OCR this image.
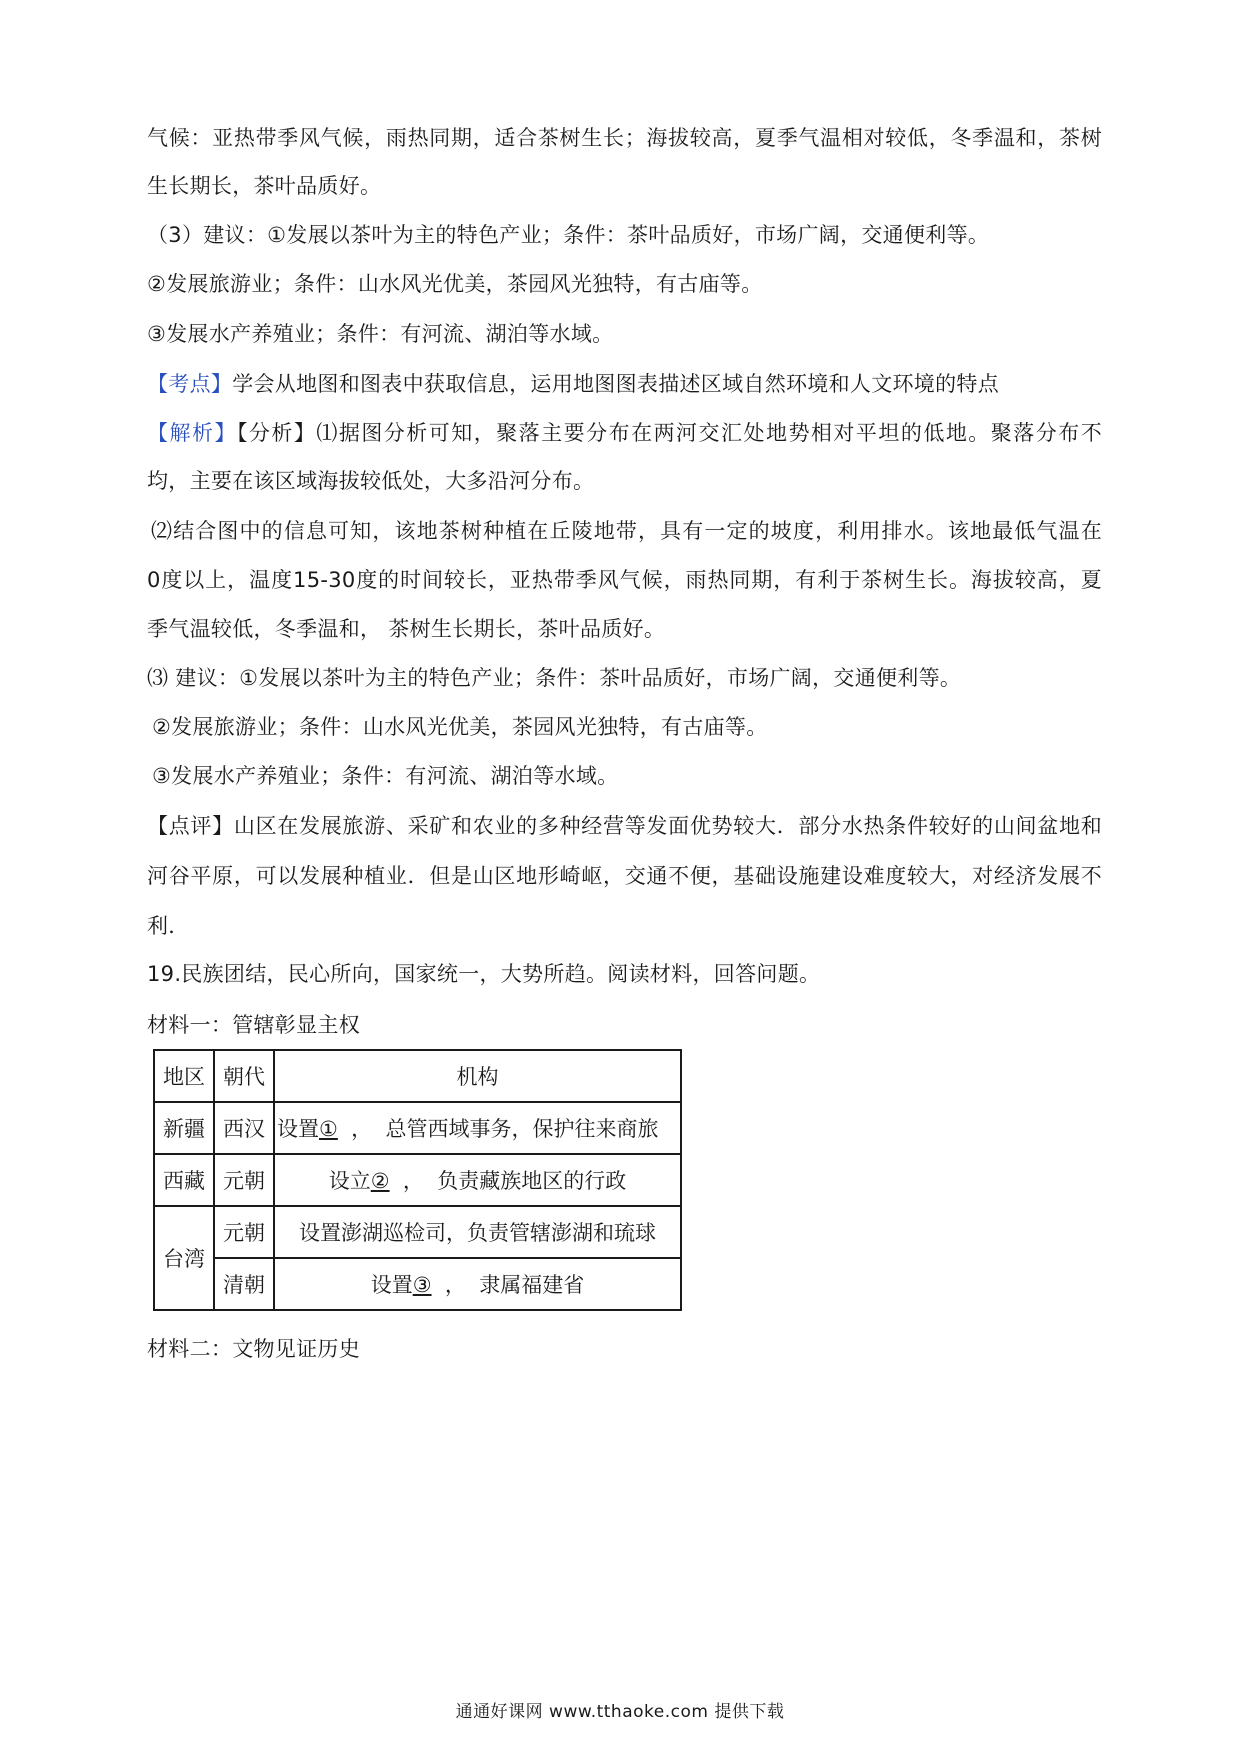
气候：亚热带季风气候，雨热同期，适合茶树生长；海拔较高，夏季气温相对较低，冬季温和，茶树
生长期长，茶叶品质好。
（3）建议：①发展以茶叶为主的特色产业；条件：茶叶品质好，市场广阔，交通便利等。
②发展旅游业；条件：山水风光优美，茶园风光独特，有古庙等。
③发展水产养殖业；条件：有河流、湖泊等水域。
【考点】学会从地图和图表中获取信息，运用地图图表描述区域自然环境和人文环境的特点
【解析】【分析】⑴据图分析可知，聚落主要分布在两河交汇处地势相对平坦的低地。聚落分布不
均，主要在该区域海拔较低处，大多沿河分布。
⑵结合图中的信息可知，该地茶树种植在丘陵地带，具有一定的坡度，利用排水。该地最低气温在
0度以上，温度15-30度的时间较长，亚热带季风气候，雨热同期，有利于茶树生长。海拔较高，夏
季气温较低，冬季温和， 茶树生长期长，茶叶品质好。
⑶ 建议：①发展以茶叶为主的特色产业；条件：茶叶品质好，市场广阔，交通便利等。
②发展旅游业；条件：山水风光优美，茶园风光独特，有古庙等。
③发展水产养殖业；条件：有河流、湖泊等水域。
【点评】山区在发展旅游、采矿和农业的多种经营等发面优势较大．部分水热条件较好的山间盆地和
河谷平原，可以发展种植业．但是山区地形崎岖，交通不便，基础设施建设难度较大，对经济发展不
利．
19.民族团结，民心所向，国家统一，大势所趋。阅读材料，回答问题。
材料一：管辖彰显主权
地区	朝代	机构
新疆	西汉	设置①  ，  总管西域事务，保护往来商旅
西藏	元朝	设立②  ，  负责藏族地区的行政
台湾	元朝	设置澎湖巡检司，负责管辖澎湖和琉球
	清朝	设置③  ，  隶属福建省
材料二：文物见证历史
通通好课网 www.tthaoke.com 提供下载
